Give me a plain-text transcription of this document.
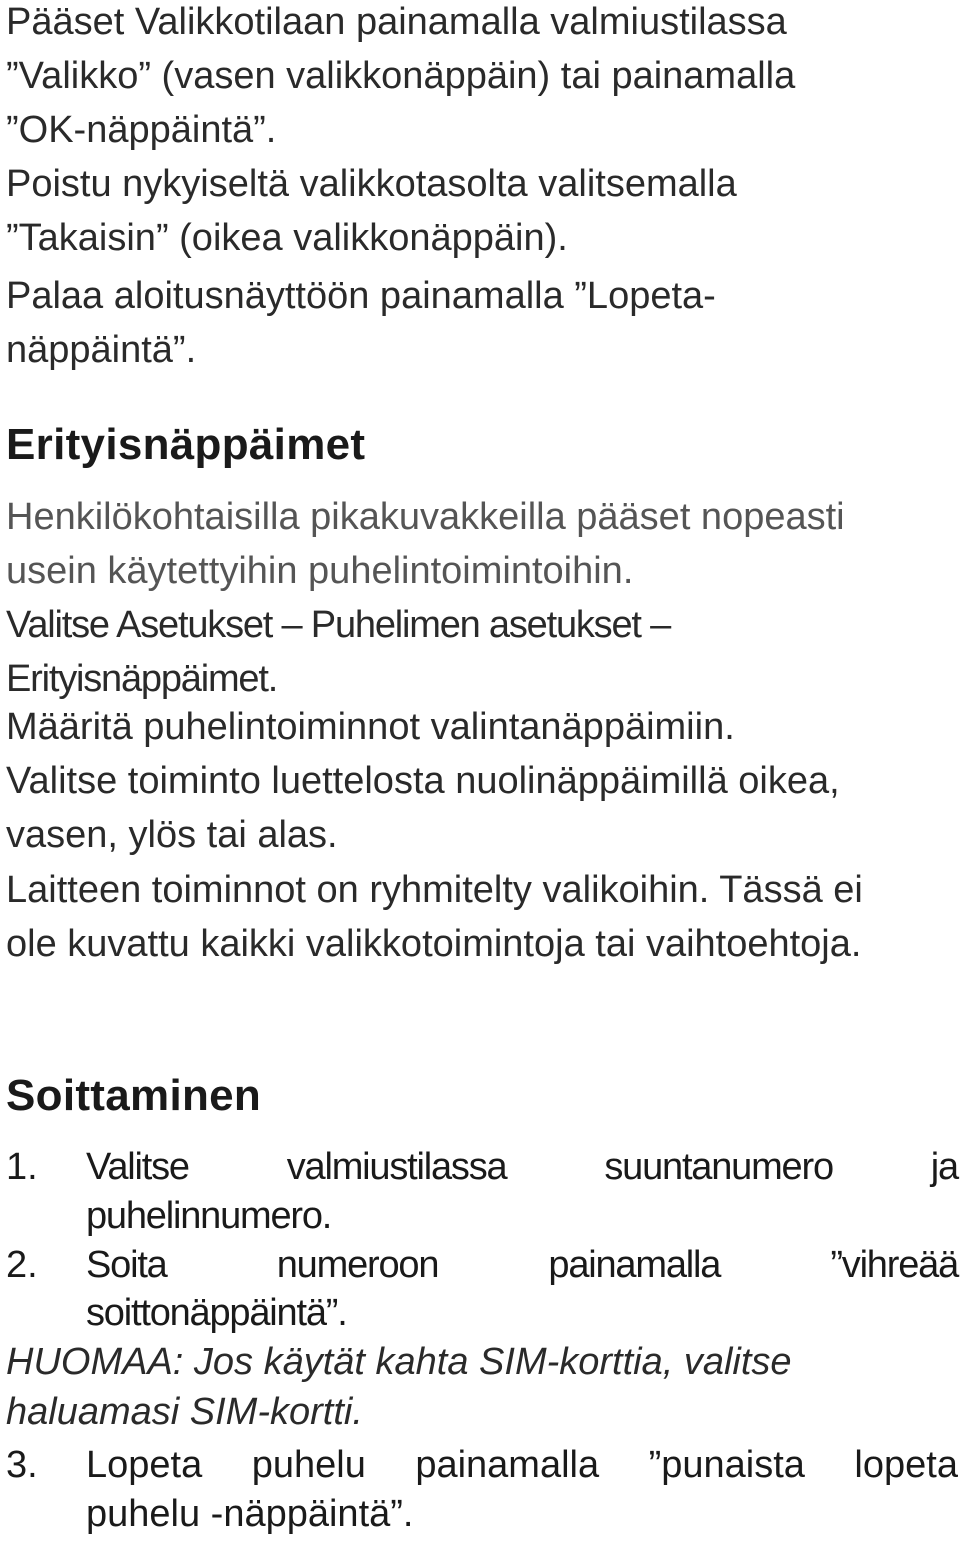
Pääset Valikkotilaan painamalla valmiustilassa

”Valikko” (vasen valikkonäppäin) tai painamalla

”OK-näppäintä”.

Poistu nykyiseltä valikkotasolta valitsemalla

”Takaisin” (oikea valikkonäppäin).

Palaa aloitusnäyttöön painamalla ”Lopeta-

näppäintä”.

Erityisnäppäimet

Henkilökohtaisilla pikakuvakkeilla pääset nopeasti

usein käytettyihin puhelintoimintoihin.

Valitse Asetukset – Puhelimen asetukset –

Erityisnäppäimet.

Määritä puhelintoiminnot valintanäppäimiin.

Valitse toiminto luettelosta nuolinäppäimillä oikea,

vasen, ylös tai alas.

Laitteen toiminnot on ryhmitelty valikoihin. Tässä ei

ole kuvattu kaikki valikkotoimintoja tai vaihtoehtoja.

Soittaminen
1. Valitse	valmiustilassa	suuntanumero	ja

puhelinnumero.

2. Soita	numeroon	painamalla	”vihreää

soittonäppäintä”.

HUOMAA: Jos käytät kahta SIM-korttia, valitse

haluamasi SIM-kortti.

3. Lopeta puhelu painamalla ”punaista lopeta

puhelu -näppäintä”.
